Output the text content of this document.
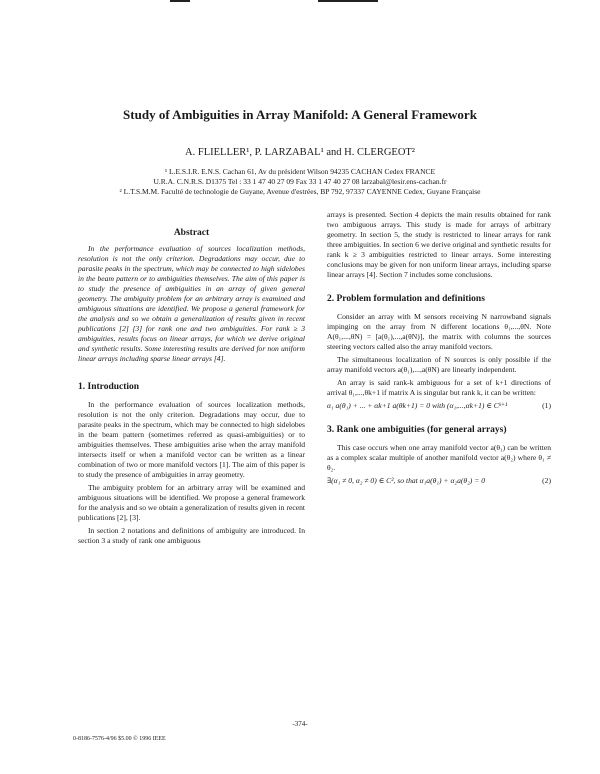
Study of Ambiguities in Array Manifold: A General Framework
A. FLIELLER¹, P. LARZABAL¹ and H. CLERGEOT²
¹ L.E.S.I.R. E.N.S. Cachan 61, Av du président Wilson 94235 CACHAN Cedex FRANCE
U.R.A. C.N.R.S. D1375 Tel : 33 1 47 40 27 09 Fax 33 1 47 40 27 08 larzabal@lesir.ens-cachan.fr
² L.T.S.M.M. Faculté de technologie de Guyane, Avenue d'estrées, BP 792, 97337 CAYENNE Cedex, Guyane Française
Abstract

In the performance evaluation of sources localization methods, resolution is not the only criterion. Degradations may occur, due to parasite peaks in the spectrum, which may be connected to high sidelobes in the beam pattern or to ambiguities themselves. The aim of this paper is to study the presence of ambiguities in an array of given general geometry. The ambiguity problem for an arbitrary array is examined and ambiguous situations are identified. We propose a general framework for the analysis and so we obtain a generalization of results given in recent publications [2] [3] for rank one and two ambiguities. For rank ≥ 3 ambiguities, results focus on linear arrays, for which we derive original and synthetic results. Some interesting results are derived for non uniform linear arrays including sparse linear arrays [4].

1. Introduction

In the performance evaluation of sources localization methods, resolution is not the only criterion. Degradations may occur, due to parasite peaks in the spectrum, which may be connected to high sidelobes in the beam pattern (sometimes referred as quasi-ambiguities) or to ambiguities themselves. These ambiguities arise when the array manifold intersects itself or when a manifold vector can be written as a linear combination of two or more manifold vectors [1]. The aim of this paper is to study the presence of ambiguities in array geometry.

The ambiguity problem for an arbitrary array will be examined and ambiguous situations will be identified. We propose a general framework for the analysis and so we obtain a generalization of results given in recent publications [2], [3].

In section 2 notations and definitions of ambiguity are introduced. In section 3 a study of rank one ambiguous

arrays is presented. Section 4 depicts the main results obtained for rank two ambiguous arrays. This study is made for arrays of arbitrary geometry. In section 5, the study is restricted to linear arrays for rank three ambiguities. In section 6 we derive original and synthetic results for rank k ≥ 3 ambiguities restricted to linear arrays. Some interesting conclusions may be given for non uniform linear arrays, including sparse linear arrays [4]. Section 7 includes some conclusions.

2. Problem formulation and definitions

Consider an array with M sensors receiving N narrowband signals impinging on the array from N different locations θ₁,...,θN. Note A(θ₁,...,θN) = [a(θ₁),...,a(θN)], the matrix with columns the sources steering vectors called also the array manifold vectors.

The simultaneous localization of N sources is only possible if the array manifold vectors a(θ₁),...,a(θN) are linearly independent.

An array is said rank-k ambiguous for a set of k+1 directions of arrival θ₁,...,θk+1 if matrix A is singular but rank k, it can be written:

α₁ a(θ₁) + ... + αk+1 a(θk+1) = 0 with (α₁,...,αk+1) ∈ Cᵏ⁺¹	(1)

3. Rank one ambiguities (for general arrays)

This case occurs when one array manifold vector a(θ₁) can be written as a complex scalar multiple of another manifold vector a(θ₂) where θ₁ ≠ θ₂.

∃(α₁ ≠ 0, α₂ ≠ 0) ∈ C², so that α₁a(θ₁) + α₂a(θ₂) = 0	(2)

-374-
0-8186-7576-4/96 $5.00 © 1996 IEEE
